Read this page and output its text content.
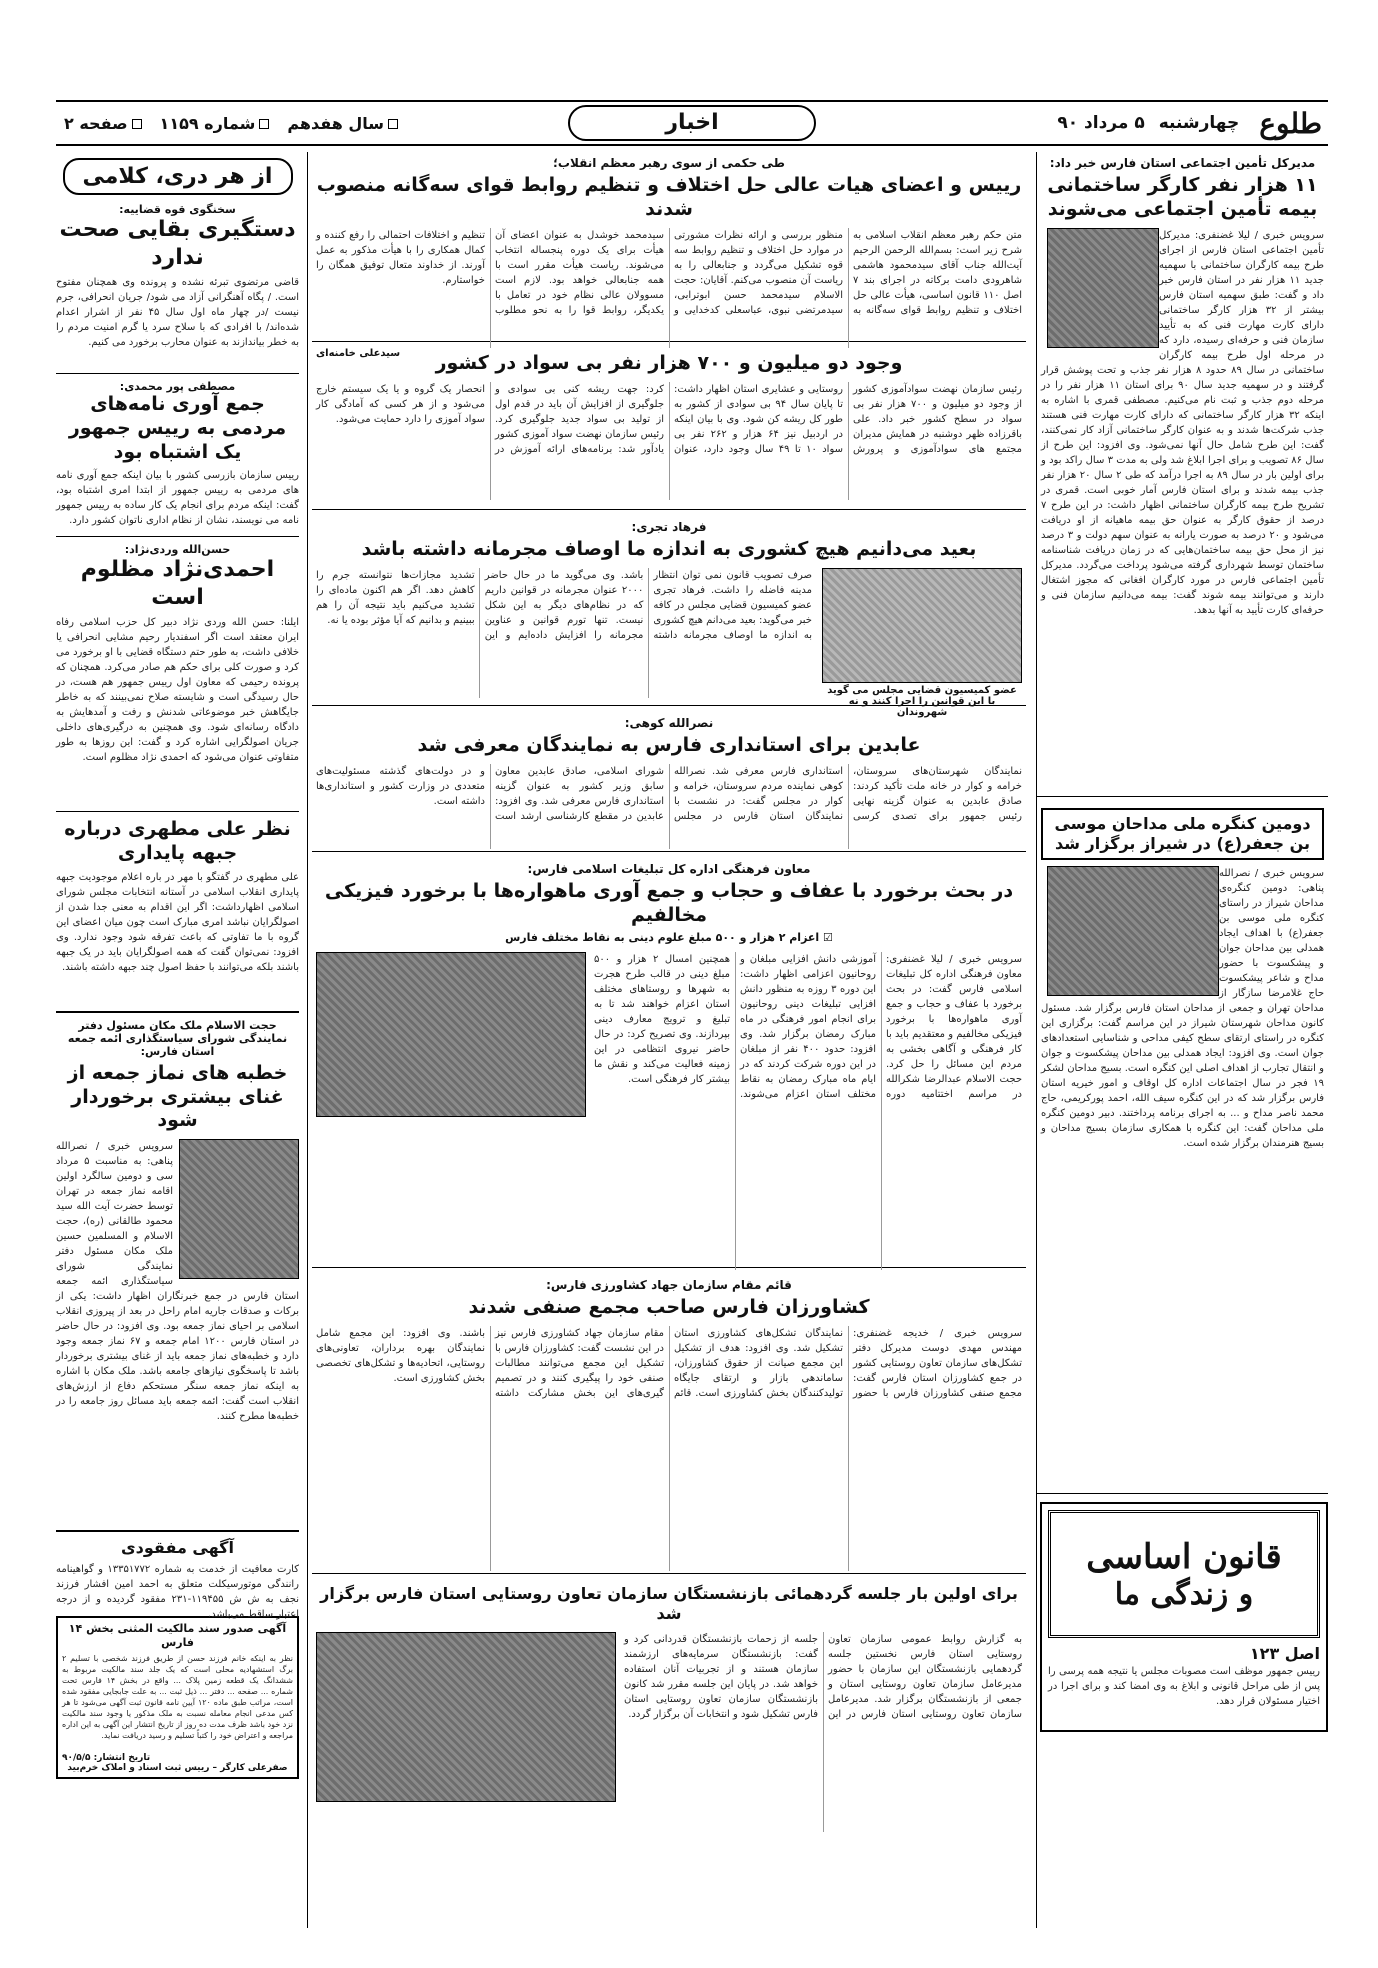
طلوع
چهارشنبه
۵ مرداد ۹۰
اخبار
سال هفدهم
شماره ۱۱۵۹
صفحه ۲
مدیرکل تأمین اجتماعی استان فارس خبر داد:
۱۱ هزار نفر کارگر ساختمانی بیمه تأمین اجتماعی می‌شوند
سرویس خبری / لیلا غضنفری: مدیرکل تأمین اجتماعی استان فارس از اجرای طرح بیمه کارگران ساختمانی با سهمیه جدید ۱۱ هزار نفر در استان فارس خبر داد و گفت: طبق سهمیه استان فارس بیشتر از ۳۲ هزار کارگر ساختمانی دارای کارت مهارت فنی که به تأیید سازمان فنی و حرفه‌ای رسیده، دارد که در مرحله اول طرح بیمه کارگران ساختمانی در سال ۸۹ حدود ۸ هزار نفر جذب و تحت پوشش قرار گرفتند و در سهمیه جدید سال ۹۰ برای استان ۱۱ هزار نفر را در مرحله دوم جذب و ثبت نام می‌کنیم. مصطفی قمری با اشاره به اینکه ۳۲ هزار کارگر ساختمانی که دارای کارت مهارت فنی هستند جذب شرکت‌ها شدند و به عنوان کارگر ساختمانی آزاد کار نمی‌کنند، گفت: این طرح شامل حال آنها نمی‌شود. وی افزود: این طرح از سال ۸۶ تصویب و برای اجرا ابلاغ شد ولی به مدت ۳ سال راکد بود و برای اولین بار در سال ۸۹ به اجرا درآمد که طی ۲ سال ۲۰ هزار نفر جذب بیمه شدند و برای استان فارس آمار خوبی است. قمری در تشریح طرح بیمه کارگران ساختمانی اظهار داشت: در این طرح ۷ درصد از حقوق کارگر به عنوان حق بیمه ماهیانه از او دریافت می‌شود و ۲۰ درصد به صورت یارانه به عنوان سهم دولت و ۳ درصد نیز از محل حق بیمه ساختمان‌هایی که در زمان دریافت شناسنامه ساختمان توسط شهرداری گرفته می‌شود پرداخت می‌گردد. مدیرکل تأمین اجتماعی فارس در مورد کارگران افغانی که مجوز اشتغال دارند و می‌توانند بیمه شوند گفت: بیمه می‌دانیم سازمان فنی و حرفه‌ای کارت تأیید به آنها بدهد.
دومین کنگره ملی مداحان موسی بن جعفر(ع) در شیراز برگزار شد
سرویس خبری / نصرالله پناهی: دومین کنگره‌ی مداحان شیراز در راستای کنگره ملی موسی بن جعفر(ع) با اهداف ایجاد همدلی بین مداحان جوان و پیشکسوت با حضور مداح و شاعر پیشکسوت حاج غلامرضا سازگار از مداحان تهران و جمعی از مداحان استان فارس برگزار شد. مسئول کانون مداحان شهرستان شیراز در این مراسم گفت: برگزاری این کنگره در راستای ارتقای سطح کیفی مداحی و شناسایی استعدادهای جوان است. وی افزود: ایجاد همدلی بین مداحان پیشکسوت و جوان و انتقال تجارب از اهداف اصلی این کنگره است. بسیج مداحان لشکر ۱۹ فجر در سال اجتماعات اداره کل اوقاف و امور خیریه استان فارس برگزار شد که در این کنگره سیف الله، احمد پورکریمی، حاج محمد ناصر مداح و ... به اجرای برنامه پرداختند. دبیر دومین کنگره ملی مداحان گفت: این کنگره با همکاری سازمان بسیج مداحان و بسیج هنرمندان برگزار شده است.
قانون اساسی
و زندگی ما
اصل ۱۲۳
رییس جمهور موظف است مصوبات مجلس یا نتیجه همه پرسی را پس از طی مراحل قانونی و ابلاغ به وی امضا کند و برای اجرا در اختیار مسئولان قرار دهد.
طی حکمی از سوی رهبر معظم انقلاب؛
رییس و اعضای هیات عالی حل اختلاف و تنظیم روابط قوای سه‌گانه منصوب شدند
متن حکم رهبر معظم انقلاب اسلامی به شرح زیر است: بسم‌الله الرحمن الرحیم آیت‌الله جناب آقای سیدمحمود هاشمی شاهرودی دامت برکاته در اجرای بند ۷ اصل ۱۱۰ قانون اساسی، هیأت عالی حل اختلاف و تنظیم روابط قوای سه‌گانه به منظور بررسی و ارائه نظرات مشورتی در موارد حل اختلاف و تنظیم روابط سه قوه تشکیل می‌گردد و جنابعالی را به ریاست آن منصوب می‌کنم. آقایان: حجت الاسلام سیدمحمد حسن ابوترابی، سیدمرتضی نبوی، عباسعلی کدخدایی و سیدمحمد خوشدل به عنوان اعضای آن هیأت برای یک دوره پنجساله انتخاب می‌شوند. ریاست هیأت مقرر است با همه جنابعالی خواهد بود. لازم است مسوولان عالی نظام خود در تعامل با یکدیگر، روابط قوا را به نحو مطلوب تنظیم و اختلافات احتمالی را رفع کننده و کمال همکاری را با هیأت مذکور به عمل آورند. از خداوند متعال توفیق همگان را خواستارم.
سیدعلی خامنه‌ای	وجود دو میلیون و ۷۰۰ هزار نفر بی سواد در کشور
رئیس سازمان نهضت سوادآموزی کشور از وجود دو میلیون و ۷۰۰ هزار نفر بی سواد در سطح کشور خبر داد. علی باقرزاده ظهر دوشنبه در همایش مدیران مجتمع های سوادآموزی و پرورش روستایی و عشایری استان اظهار داشت: تا پایان سال ۹۴ بی سوادی از کشور به طور کل ریشه کن شود. وی با بیان اینکه در اردبیل نیز ۶۴ هزار و ۲۶۲ نفر بی سواد ۱۰ تا ۴۹ سال وجود دارد، عنوان کرد: جهت ریشه کنی بی سوادی و جلوگیری از افزایش آن باید در قدم اول از تولید بی سواد جدید جلوگیری کرد. رئیس سازمان نهضت سواد آموزی کشور یادآور شد: برنامه‌های ارائه آموزش در انحصار یک گروه و یا یک سیستم خارج می‌شود و از هر کسی که آمادگی کار سواد آموزی را دارد حمایت می‌شود.
فرهاد تجری:
بعید می‌دانیم هیچ کشوری به اندازه ما اوصاف مجرمانه داشته باشد
عضو کمیسیون قضایی مجلس می گوید با این قوانین را اجرا کنند و نه شهروندان
صرف تصویب قانون نمی توان انتظار مدینه فاضله را داشت. فرهاد تجری عضو کمیسیون قضایی مجلس در کافه خبر می‌گوید: بعید می‌دانم هیچ کشوری به اندازه ما اوصاف مجرمانه داشته باشد. وی می‌گوید ما در حال حاضر ۲۰۰۰ عنوان مجرمانه در قوانین داریم که در نظام‌های دیگر به این شکل نیست. تنها تورم قوانین و عناوین مجرمانه را افزایش داده‌ایم و این تشدید مجازات‌ها نتوانسته جرم را کاهش دهد. اگر هم اکنون ماده‌ای را تشدید می‌کنیم باید نتیجه آن را هم ببینیم و بدانیم که آیا مؤثر بوده یا نه.
نصرالله کوهی:
عابدین برای استانداری فارس به نمایندگان معرفی شد
نمایندگان شهرستان‌های سروستان، خرامه و کوار در خانه ملت تأکید کردند: صادق عابدین به عنوان گزینه نهایی رئیس جمهور برای تصدی کرسی استانداری فارس معرفی شد. نصرالله کوهی نماینده مردم سروستان، خرامه و کوار در مجلس گفت: در نشست با نمایندگان استان فارس در مجلس شورای اسلامی، صادق عابدین معاون سابق وزیر کشور به عنوان گزینه استانداری فارس معرفی شد. وی افزود: عابدین در مقطع کارشناسی ارشد است و در دولت‌های گذشته مسئولیت‌های متعددی در وزارت کشور و استانداری‌ها داشته است.
معاون فرهنگی اداره کل تبلیغات اسلامی فارس:
در بحث برخورد با عفاف و حجاب و جمع آوری ماهواره‌ها با برخورد فیزیکی مخالفیم
☑ اعزام ۲ هزار و ۵۰۰ مبلغ علوم دینی به نقاط مختلف فارس
سرویس خبری / لیلا غضنفری: معاون فرهنگی اداره کل تبلیغات اسلامی فارس گفت: در بحث برخورد با عفاف و حجاب و جمع آوری ماهواره‌ها با برخورد فیزیکی مخالفیم و معتقدیم باید با کار فرهنگی و آگاهی بخشی به مردم این مسائل را حل کرد. حجت الاسلام عبدالرضا شکرالله در مراسم اختتامیه دوره آموزشی دانش افزایی مبلغان و روحانیون اعزامی اظهار داشت: این دوره ۳ روزه به منظور دانش افزایی تبلیغات دینی روحانیون برای انجام امور فرهنگی در ماه مبارک رمضان برگزار شد. وی افزود: حدود ۴۰۰ نفر از مبلغان در این دوره شرکت کردند که در ایام ماه مبارک رمضان به نقاط مختلف استان اعزام می‌شوند. همچنین امسال ۲ هزار و ۵۰۰ مبلغ دینی در قالب طرح هجرت به شهرها و روستاهای مختلف استان اعزام خواهند شد تا به تبلیغ و ترویج معارف دینی بپردازند. وی تصریح کرد: در حال حاضر نیروی انتظامی در این زمینه فعالیت می‌کند و نقش ما بیشتر کار فرهنگی است.
قائم مقام سازمان جهاد کشاورزی فارس:
کشاورزان فارس صاحب مجمع صنفی شدند
سرویس خبری / خدیجه غضنفری: مهندس مهدی دوست مدیرکل دفتر تشکل‌های سازمان تعاون روستایی کشور در جمع کشاورزان استان فارس گفت: مجمع صنفی کشاورزان فارس با حضور نمایندگان تشکل‌های کشاورزی استان تشکیل شد. وی افزود: هدف از تشکیل این مجمع صیانت از حقوق کشاورزان، ساماندهی بازار و ارتقای جایگاه تولیدکنندگان بخش کشاورزی است. قائم مقام سازمان جهاد کشاورزی فارس نیز در این نشست گفت: کشاورزان فارس با تشکیل این مجمع می‌توانند مطالبات صنفی خود را پیگیری کنند و در تصمیم گیری‌های این بخش مشارکت داشته باشند. وی افزود: این مجمع شامل نمایندگان بهره برداران، تعاونی‌های روستایی، اتحادیه‌ها و تشکل‌های تخصصی بخش کشاورزی است.
برای اولین بار جلسه گردهمائی بازنشستگان سازمان تعاون روستایی استان فارس برگزار شد
به گزارش روابط عمومی سازمان تعاون روستایی استان فارس نخستین جلسه گردهمایی بازنشستگان این سازمان با حضور مدیرعامل سازمان تعاون روستایی استان و جمعی از بازنشستگان برگزار شد. مدیرعامل سازمان تعاون روستایی استان فارس در این جلسه از زحمات بازنشستگان قدردانی کرد و گفت: بازنشستگان سرمایه‌های ارزشمند سازمان هستند و از تجربیات آنان استفاده خواهد شد. در پایان این جلسه مقرر شد کانون بازنشستگان سازمان تعاون روستایی استان فارس تشکیل شود و انتخابات آن برگزار گردد.
از هر دری، کلامی
سخنگوی قوه قضاییه:
دستگیری بقایی صحت ندارد
قاضی مرتضوی تبرئه نشده و پرونده وی همچنان مفتوح است. / پگاه آهنگرانی آزاد می شود/ جریان انحرافی، جرم نیست /در چهار ماه اول سال ۴۵ نفر از اشرار اعدام شده‌اند/ با افرادی که با سلاح سرد یا گرم امنیت مردم را به خطر بیاندازند به عنوان محارب برخورد می کنیم.
مصطفی پور محمدی:
جمع آوری نامه‌های مردمی به رییس جمهور یک اشتباه بود
رییس سازمان بازرسی کشور با بیان اینکه جمع آوری نامه های مردمی به رییس جمهور از ابتدا امری اشتباه بود، گفت: اینکه مردم برای انجام یک کار ساده به رییس جمهور نامه می نویسند، نشان از نظام اداری ناتوان کشور دارد.
حسن‌الله وردی‌نژاد:
احمدی‌نژاد مظلوم است
ایلنا: حسن الله وردی نژاد دبیر کل حزب اسلامی رفاه ایران معتقد است اگر اسفندیار رحیم مشایی انحرافی یا خلافی داشت، به طور حتم دستگاه قضایی با او برخورد می کرد و صورت کلی برای حکم هم صادر می‌کرد. همچنان که پرونده رحیمی که معاون اول رییس جمهور هم هست، در حال رسیدگی است و شایسته صلاح نمی‌بینند که به خاطر جایگاهش خبر موضوعاتی شدنش و رفت و آمدهایش به دادگاه رسانه‌ای شود. وی همچنین به درگیری‌های داخلی جریان اصولگرایی اشاره کرد و گفت: این روزها به طور متفاوتی عنوان می‌شود که احمدی نژاد مظلوم است.
نظر علی مطهری درباره جبهه پایداری
علی مطهری در گفتگو با مهر در باره اعلام موجودیت جبهه پایداری انقلاب اسلامی در آستانه انتخابات مجلس شورای اسلامی اظهارداشت: اگر این اقدام به معنی جدا شدن از اصولگرایان نباشد امری مبارک است چون میان اعضای این گروه با ما تفاوتی که باعث تفرقه شود وجود ندارد. وی افزود: نمی‌توان گفت که همه اصولگرایان باید در یک جبهه باشند بلکه می‌توانند با حفظ اصول چند جبهه داشته باشند.
حجت الاسلام ملک‌ مکان مسئول دفتر نمایندگی شورای سیاستگذاری ائمه جمعه استان فارس:
خطبه های نماز جمعه از غنای بیشتری برخوردار شود
سرویس خبری / نصرالله پناهی: به مناسبت ۵ مرداد سی و دومین سالگرد اولین اقامه نماز جمعه در تهران توسط حضرت آیت الله سید محمود طالقانی (ره)، حجت الاسلام و المسلمین حسین ملک مکان مسئول دفتر نمایندگی شورای سیاستگذاری ائمه جمعه استان فارس در جمع خبرنگاران اظهار داشت: یکی از برکات و صدقات جاریه امام راحل در بعد از پیروزی انقلاب اسلامی بر احیای نماز جمعه بود. وی افزود: در حال حاضر در استان فارس ۱۲۰۰ امام جمعه و ۶۷ نماز جمعه وجود دارد و خطبه‌های نماز جمعه باید از غنای بیشتری برخوردار باشد تا پاسخگوی نیازهای جامعه باشد. ملک مکان با اشاره به اینکه نماز جمعه سنگر مستحکم دفاع از ارزش‌های انقلاب است گفت: ائمه جمعه باید مسائل روز جامعه را در خطبه‌ها مطرح کنند.
آگهی مفقودی
کارت معافیت از خدمت به شماره ۱۳۳۵۱۷۷۲ و گواهینامه رانندگی موتورسیکلت متعلق به احمد امین افشار فرزند نجف به ش ش ۱۱۹۴۵۵-۲۳۱ مفقود گردیده و از درجه اعتبار ساقط می‌باشد.
آگهی صدور سند مالکیت المثنی بخش ۱۴ فارس
نظر به اینکه خانم فرزند حسن از طریق فرزند شخصی با تسلیم ۲ برگ استشهادیه محلی است که یک جلد سند مالکیت مربوط به ششدانگ یک قطعه زمین پلاک ... واقع در بخش ۱۴ فارس تحت شماره ... صفحه ... دفتر ... ذیل ثبت ... به علت جابجایی مفقود شده است، مراتب طبق ماده ۱۲۰ آیین نامه قانون ثبت آگهی می‌شود تا هر کس مدعی انجام معامله نسبت به ملک مذکور یا وجود سند مالکیت نزد خود باشد ظرف مدت ده روز از تاریخ انتشار این آگهی به این اداره مراجعه و اعتراض خود را کتباً تسلیم و رسید دریافت نماید.
تاریخ انتشار: ۹۰/۵/۵
صفرعلی کارگر – رییس ثبت اسناد و املاک خرم‌بید
